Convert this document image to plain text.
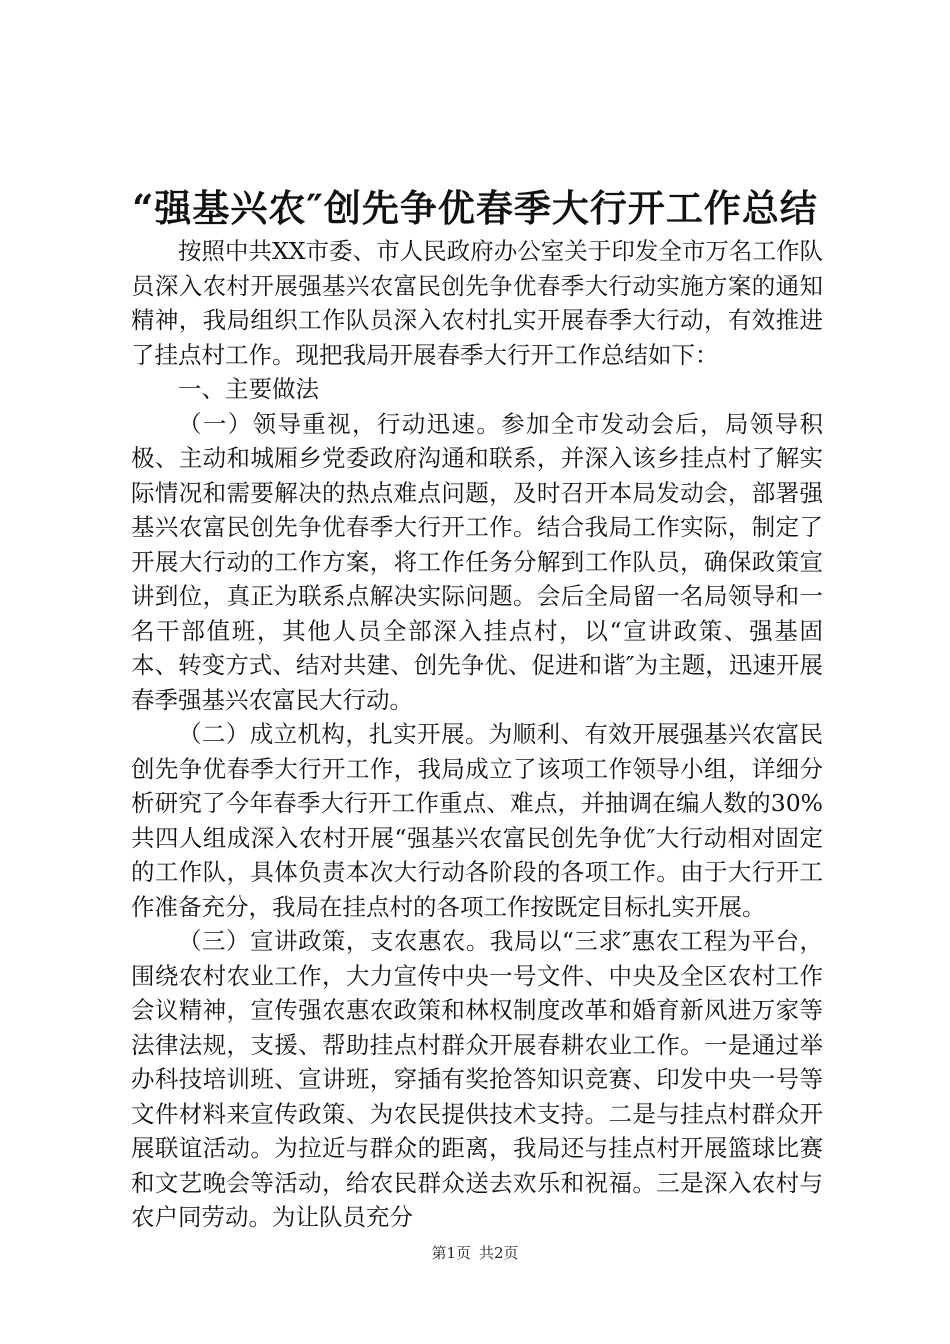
“强基兴农″创先争优春季大行开工作总结

按照中共XX市委、市人民政府办公室关于印发全市万名工作队员深入农村开展强基兴农富民创先争优春季大行动实施方案的通知精神，我局组织工作队员深入农村扎实开展春季大行动，有效推进了挂点村工作。现把我局开展春季大行开工作总结如下：

一、主要做法

（一）领导重视，行动迅速。参加全市发动会后，局领导积极、主动和城厢乡党委政府沟通和联系，并深入该乡挂点村了解实际情况和需要解决的热点难点问题，及时召开本局发动会，部署强基兴农富民创先争优春季大行开工作。结合我局工作实际，制定了开展大行动的工作方案，将工作任务分解到工作队员，确保政策宣讲到位，真正为联系点解决实际问题。会后全局留一名局领导和一名干部值班，其他人员全部深入挂点村，以“宣讲政策、强基固本、转变方式、结对共建、创先争优、促进和谐″为主题，迅速开展春季强基兴农富民大行动。

（二）成立机构，扎实开展。为顺利、有效开展强基兴农富民创先争优春季大行开工作，我局成立了该项工作领导小组，详细分析研究了今年春季大行开工作重点、难点，并抽调在编人数的30%共四人组成深入农村开展“强基兴农富民创先争优″大行动相对固定的工作队，具体负责本次大行动各阶段的各项工作。由于大行开工作准备充分，我局在挂点村的各项工作按既定目标扎实开展。

（三）宣讲政策，支农惠农。我局以“三求″惠农工程为平台，围绕农村农业工作，大力宣传中央一号文件、中央及全区农村工作会议精神，宣传强农惠农政策和林权制度改革和婚育新风进万家等法律法规，支援、帮助挂点村群众开展春耕农业工作。一是通过举办科技培训班、宣讲班，穿插有奖抢答知识竞赛、印发中央一号等文件材料来宣传政策、为农民提供技术支持。二是与挂点村群众开展联谊活动。为拉近与群众的距离，我局还与挂点村开展篮球比赛和文艺晚会等活动，给农民群众送去欢乐和祝福。三是深入农村与农户同劳动。为让队员充分

第1页 共2页
